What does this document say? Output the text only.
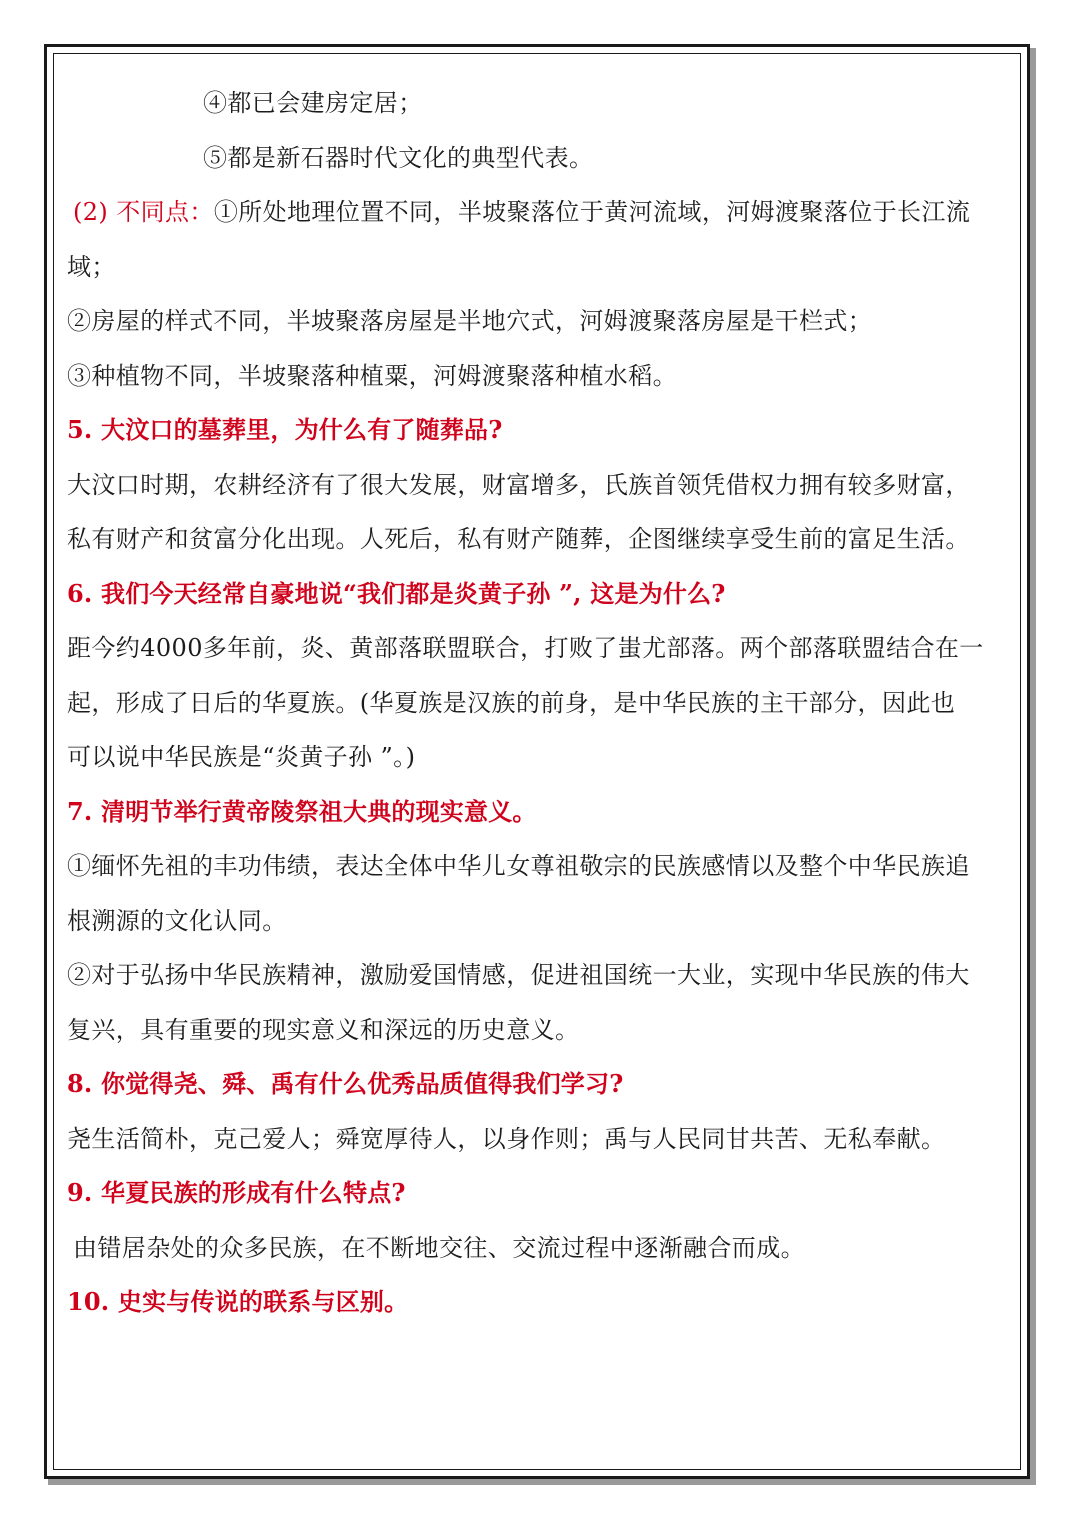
④都已会建房定居；
⑤都是新石器时代文化的典型代表。
(2) 不同点：①所处地理位置不同，半坡聚落位于黄河流域，河姆渡聚落位于长江流
域；
②房屋的样式不同，半坡聚落房屋是半地穴式，河姆渡聚落房屋是干栏式；
③种植物不同，半坡聚落种植粟，河姆渡聚落种植水稻。
5. 大汶口的墓葬里，为什么有了随葬品?
大汶口时期，农耕经济有了很大发展，财富增多，氏族首领凭借权力拥有较多财富，
私有财产和贫富分化出现。人死后，私有财产随葬，企图继续享受生前的富足生活。
6. 我们今天经常自豪地说“我们都是炎黄子孙 ”, 这是为什么?
距今约4000多年前，炎、黄部落联盟联合，打败了蚩尤部落。两个部落联盟结合在一
起，形成了日后的华夏族。(华夏族是汉族的前身，是中华民族的主干部分，因此也
可以说中华民族是“炎黄子孙 ”。)
7. 清明节举行黄帝陵祭祖大典的现实意义。
①缅怀先祖的丰功伟绩，表达全体中华儿女尊祖敬宗的民族感情以及整个中华民族追
根溯源的文化认同。
②对于弘扬中华民族精神，激励爱国情感，促进祖国统一大业，实现中华民族的伟大
复兴，具有重要的现实意义和深远的历史意义。
8. 你觉得尧、舜、禹有什么优秀品质值得我们学习?
尧生活简朴，克己爱人；舜宽厚待人，以身作则；禹与人民同甘共苦、无私奉献。
9. 华夏民族的形成有什么特点?
由错居杂处的众多民族，在不断地交往、交流过程中逐渐融合而成。
10. 史实与传说的联系与区别。
